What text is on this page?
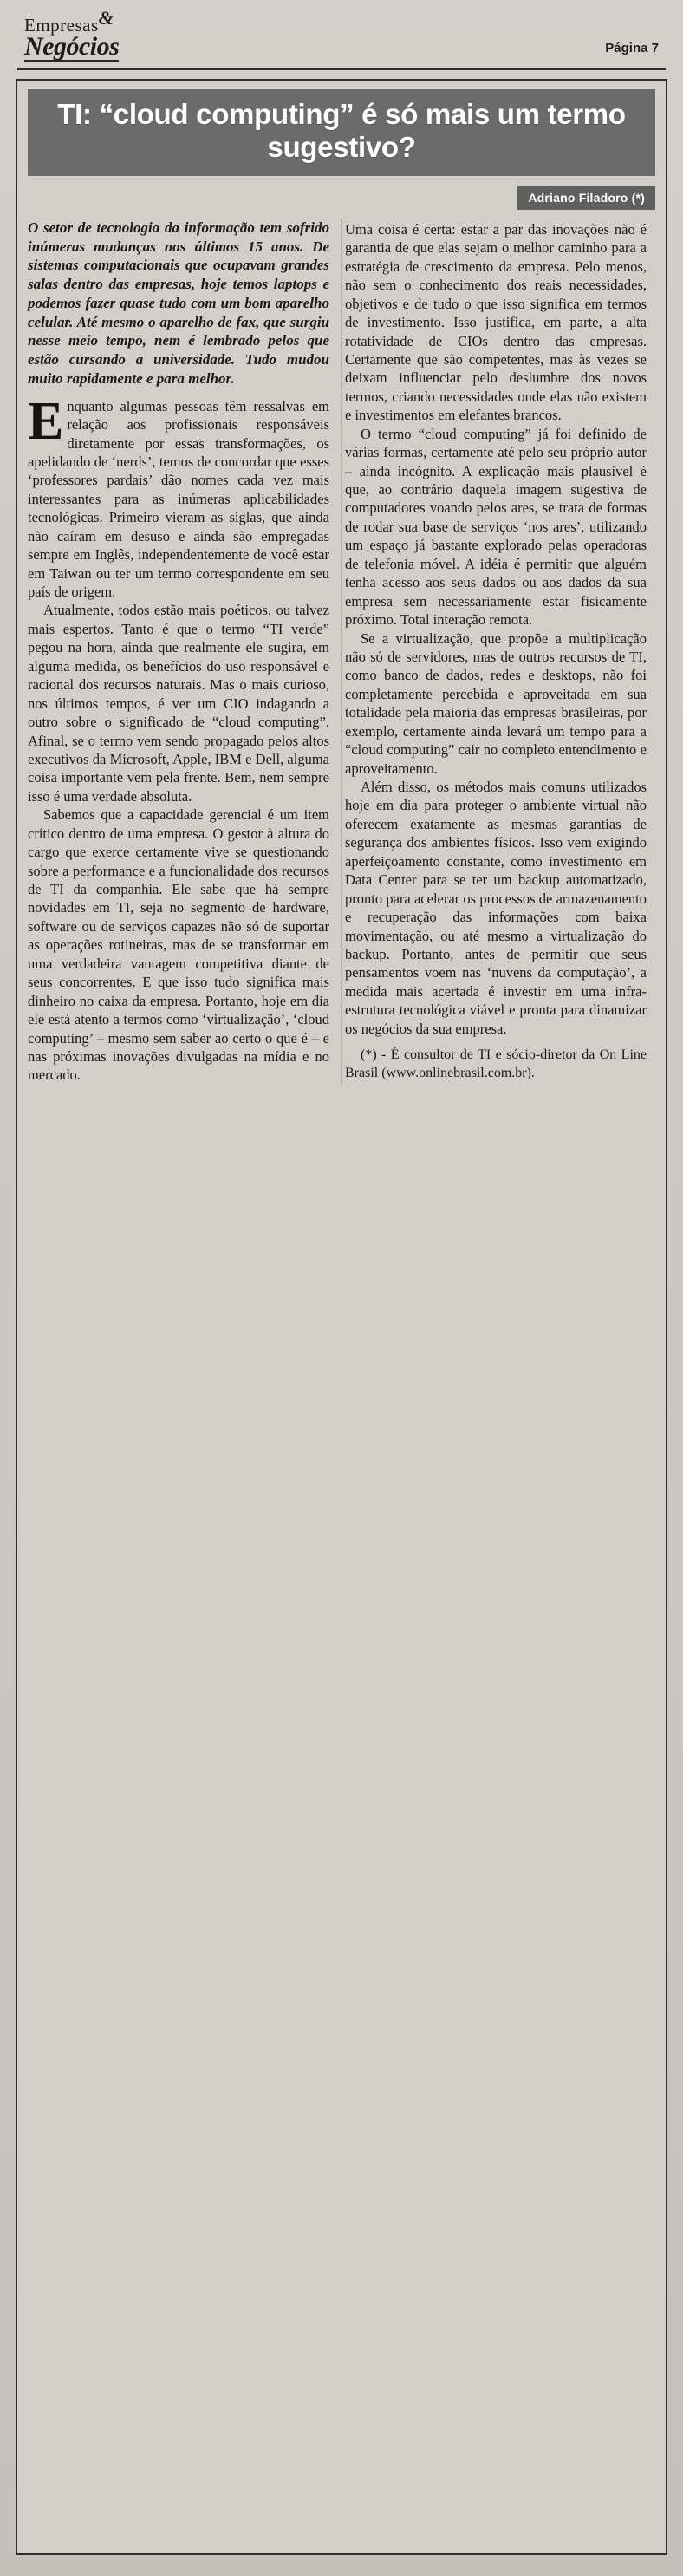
Empresas&
Negócios	Página 7
TI: “cloud computing” é só mais um termo sugestivo?
Adriano Filadoro (*)

O setor de tecnologia da informação tem sofrido inúmeras mudanças nos últimos 15 anos. De sistemas computacionais que ocupavam grandes salas dentro das empresas, hoje temos laptops e podemos fazer quase tudo com um bom aparelho celular. Até mesmo o aparelho de fax, que surgiu nesse meio tempo, nem é lembrado pelos que estão cursando a universidade. Tudo mudou muito rapidamente e para melhor.

Enquanto algumas pessoas têm ressalvas em relação aos profissionais responsáveis diretamente por essas transformações, os apelidando de ‘nerds’, temos de concordar que esses ‘professores pardais’ dão nomes cada vez mais interessantes para as inúmeras aplicabilidades tecnológicas. Primeiro vieram as siglas, que ainda não caíram em desuso e ainda são empregadas sempre em Inglês, independentemente de você estar em Taiwan ou ter um termo correspondente em seu país de origem.

Atualmente, todos estão mais poéticos, ou talvez mais espertos. Tanto é que o termo “TI verde” pegou na hora, ainda que realmente ele sugira, em alguma medida, os benefícios do uso responsável e racional dos recursos naturais. Mas o mais curioso, nos últimos tempos, é ver um CIO indagando a outro sobre o significado de “cloud computing”. Afinal, se o termo vem sendo propagado pelos altos executivos da Microsoft, Apple, IBM e Dell, alguma coisa importante vem pela frente. Bem, nem sempre isso é uma verdade absoluta.

Sabemos que a capacidade gerencial é um item crítico dentro de uma empresa. O gestor à altura do cargo que exerce certamente vive se questionando sobre a performance e a funcionalidade dos recursos de TI da companhia. Ele sabe que há sempre novidades em TI, seja no segmento de hardware, software ou de serviços capazes não só de suportar as operações rotineiras, mas de se transformar em uma verdadeira vantagem competitiva diante de seus concorrentes. E que isso tudo significa mais dinheiro no caixa da empresa. Portanto, hoje em dia ele está atento a termos como ‘virtualização’, ‘cloud computing’ – mesmo sem saber ao certo o que é – e nas próximas inovações divulgadas na mídia e no mercado.

Uma coisa é certa: estar a par das inovações não é garantia de que elas sejam o melhor caminho para a estratégia de crescimento da empresa. Pelo menos, não sem o conhecimento dos reais necessidades, objetivos e de tudo o que isso significa em termos de investimento. Isso justifica, em parte, a alta rotatividade de CIOs dentro das empresas. Certamente que são competentes, mas às vezes se deixam influenciar pelo deslumbre dos novos termos, criando necessidades onde elas não existem e investimentos em elefantes brancos.

O termo “cloud computing” já foi definido de várias formas, certamente até pelo seu próprio autor – ainda incógnito. A explicação mais plausível é que, ao contrário daquela imagem sugestiva de computadores voando pelos ares, se trata de formas de rodar sua base de serviços ‘nos ares’, utilizando um espaço já bastante explorado pelas operadoras de telefonia móvel. A idéia é permitir que alguém tenha acesso aos seus dados ou aos dados da sua empresa sem necessariamente estar fisicamente próximo. Total interação remota.

Se a virtualização, que propõe a multiplicação não só de servidores, mas de outros recursos de TI, como banco de dados, redes e desktops, não foi completamente percebida e aproveitada em sua totalidade pela maioria das empresas brasileiras, por exemplo, certamente ainda levará um tempo para a “cloud computing” cair no completo entendimento e aproveitamento.

Além disso, os métodos mais comuns utilizados hoje em dia para proteger o ambiente virtual não oferecem exatamente as mesmas garantias de segurança dos ambientes físicos. Isso vem exigindo aperfeiçoamento constante, como investimento em Data Center para se ter um backup automatizado, pronto para acelerar os processos de armazenamento e recuperação das informações com baixa movimentação, ou até mesmo a virtualização do backup. Portanto, antes de permitir que seus pensamentos voem nas ‘nuvens da computação’, a medida mais acertada é investir em uma infra-estrutura tecnológica viável e pronta para dinamizar os negócios da sua empresa.

(*) - É consultor de TI e sócio-diretor da On Line Brasil (www.onlinebrasil.com.br).
